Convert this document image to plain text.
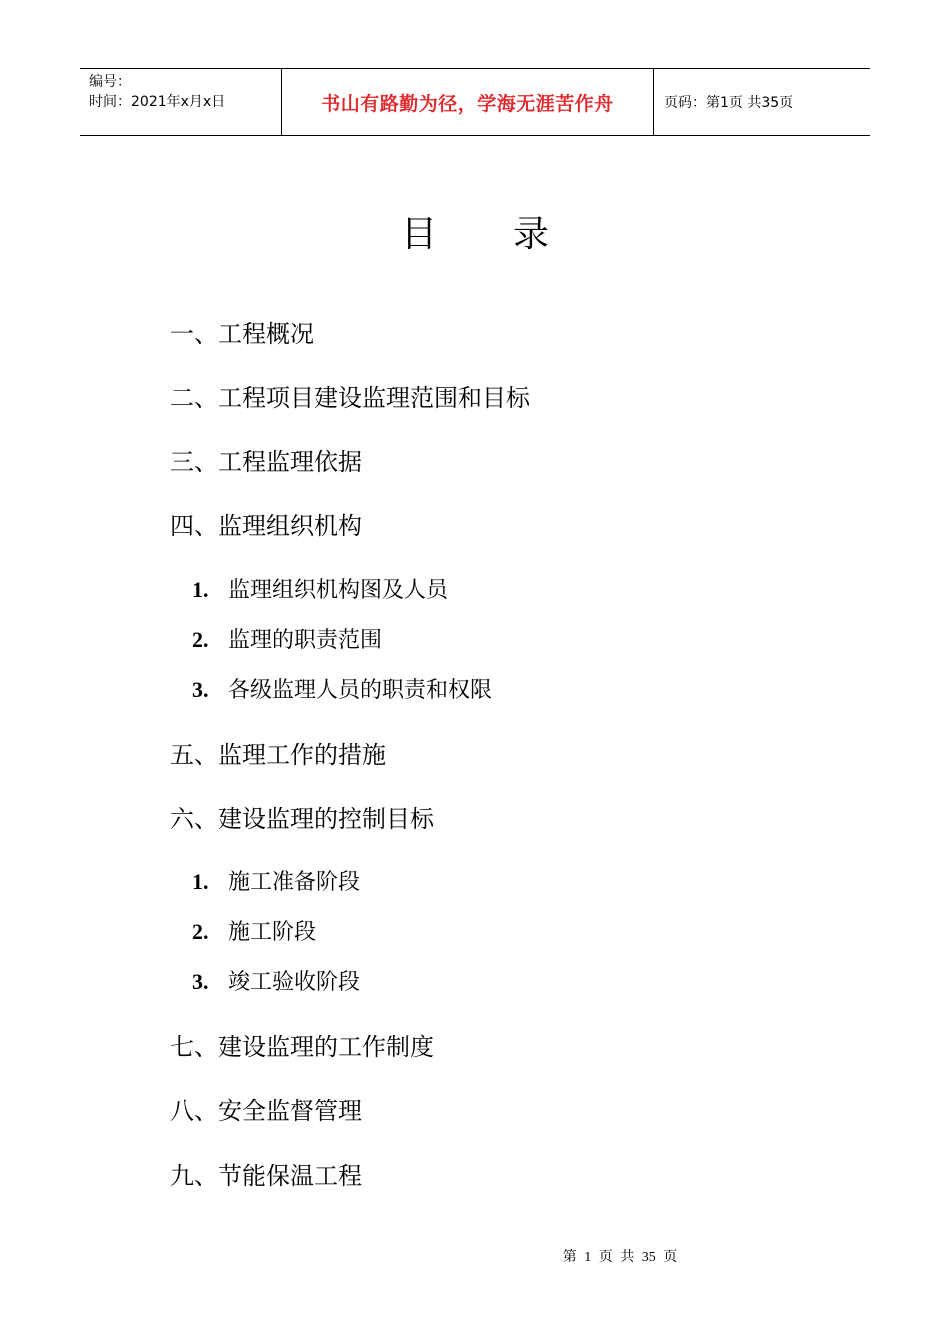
编号：
时间：2021年x月x日	书山有路勤为径，学海无涯苦作舟	页码：第1页 共35页
目录
一、工程概况
二、工程项目建设监理范围和目标
三、工程监理依据
四、监理组织机构
1. 监理组织机构图及人员
2. 监理的职责范围
3. 各级监理人员的职责和权限
五、监理工作的措施
六、建设监理的控制目标
1. 施工准备阶段
2. 施工阶段
3. 竣工验收阶段
七、建设监理的工作制度
八、安全监督管理
九、节能保温工程
第 1 页 共 35 页
